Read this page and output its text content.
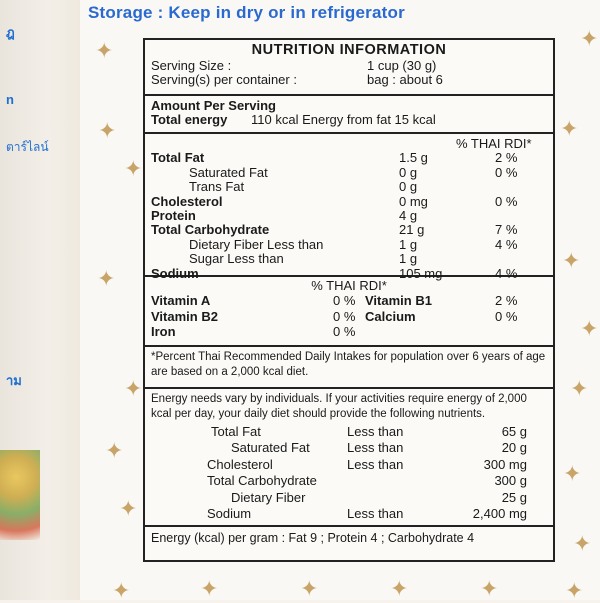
ฎ
n
ตาร์ไลน์
าม
✦
✦
✦
✦
✦
✦
✦
✦
✦
✦
✦
✦
✦
✦	✦	✦	✦	✦
✦
✦
Storage : Keep in dry or in refrigerator
NUTRITION INFORMATION
Serving Size :	1 cup (30 g)
Serving(s) per container :	bag : about 6
Amount Per Serving
Total energy 110 kcal Energy from fat 15 kcal
% THAI RDI*
Total Fat	1.5 g	2 %
Saturated Fat	0 g	0 %
Trans Fat	0 g
Cholesterol	0 mg	0 %
Protein	4 g
Total Carbohydrate	21 g	7 %
Dietary Fiber Less than	1 g	4 %
Sugar Less than	1 g
Sodium	105 mg	4 %
% THAI RDI*
Vitamin A	0 % Vitamin B1	2 %
Vitamin B2	0 % Calcium	0 %
Iron	0 %
*Percent Thai Recommended Daily Intakes for population over 6 years of age are based on a 2,000 kcal diet.
Energy needs vary by individuals. If your activities require energy of 2,000 kcal per day, your daily diet should provide the following nutrients.
Total Fat	Less than	65 g
Saturated Fat	Less than	20 g
Cholesterol	Less than	300 mg
Total Carbohydrate	300 g
Dietary Fiber	25 g
Sodium	Less than	2,400 mg
Energy (kcal) per gram : Fat 9 ; Protein 4 ; Carbohydrate 4
